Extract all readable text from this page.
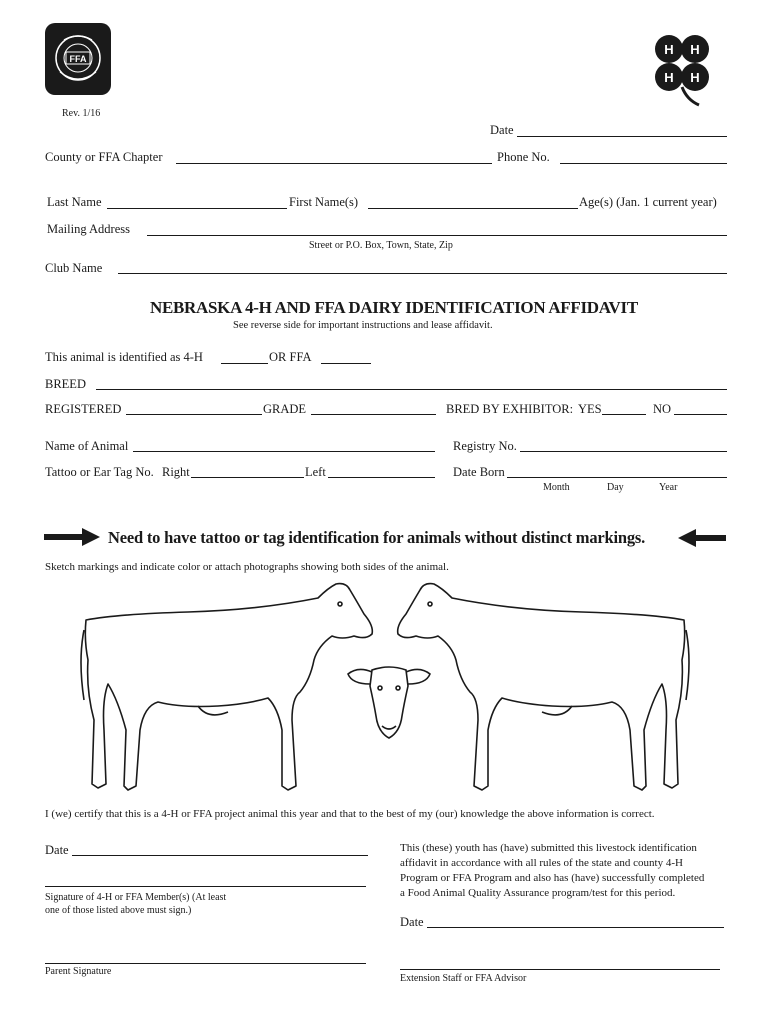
FFA
Rev. 1/16
H H
H H
Date
County or FFA Chapter	Phone No.
Last Name	First Name(s)	Age(s) (Jan. 1 current year)
Mailing Address
Street or P.O. Box, Town, State, Zip
Club Name
NEBRASKA 4-H AND FFA DAIRY IDENTIFICATION AFFIDAVIT
See reverse side for important instructions and lease affidavit.
This animal is identified as 4-H	OR FFA
BREED
REGISTERED	GRADE	BRED BY EXHIBITOR: YES	NO
Name of Animal	Registry No.
Tattoo or Ear Tag No. Right	Left	Date Born
Month	Day	Year
Need to have tattoo or tag identification for animals without distinct markings.
Sketch markings and indicate color or attach photographs showing both sides of the animal.
I (we) certify that this is a 4-H or FFA project animal this year and that to the best of my (our) knowledge the above information is correct.
Date
Signature of 4-H or FFA Member(s) (At least
one of those listed above must sign.)
Parent Signature
This (these) youth has (have) submitted this livestock identification
affidavit in accordance with all rules of the state and county 4-H
Program or FFA Program and also has (have) successfully completed
a Food Animal Quality Assurance program/test for this period.
Date
Extension Staff or FFA Advisor
